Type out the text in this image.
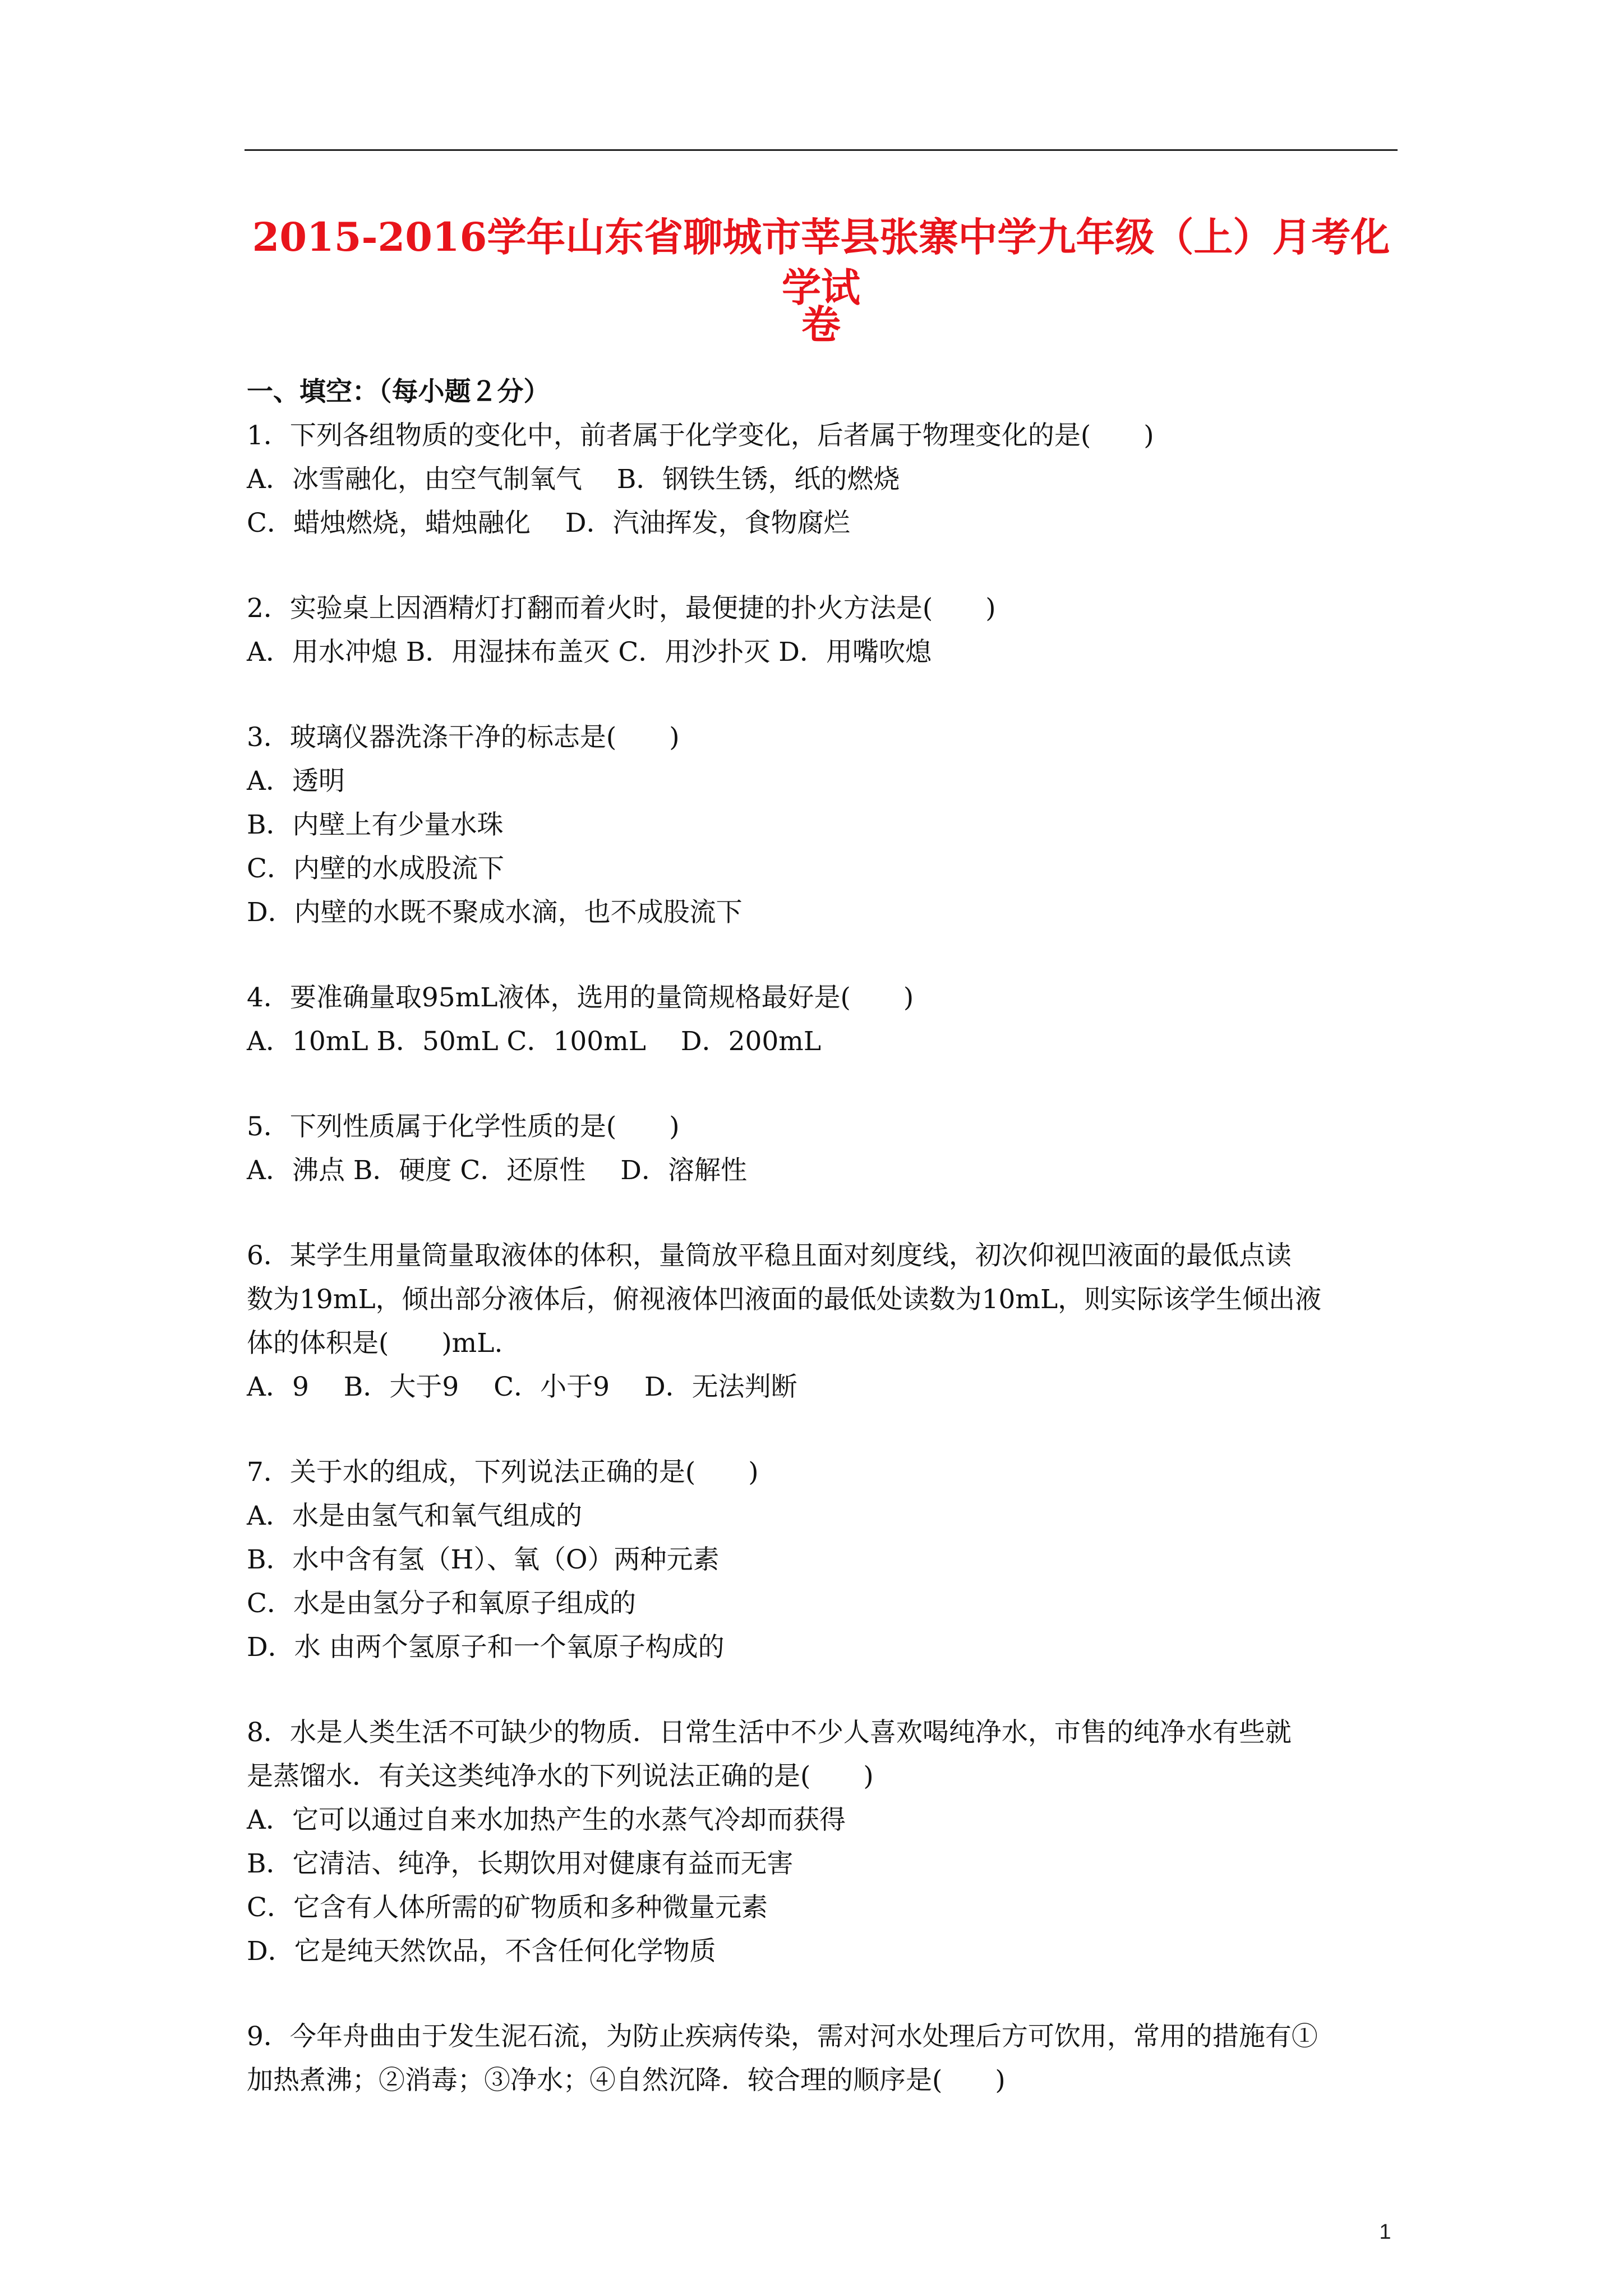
2015-2016学年山东省聊城市莘县张寨中学九年级（上）月考化学试
卷
一、填空：（每小题２分）
1．下列各组物质的变化中，前者属于化学变化，后者属于物理变化的是(　　)
A．冰雪融化，由空气制氧气　 B．钢铁生锈，纸的燃烧
C．蜡烛燃烧，蜡烛融化　 D．汽油挥发，食物腐烂
2．实验桌上因酒精灯打翻而着火时，最便捷的扑火方法是(　　)
A．用水冲熄 B．用湿抹布盖灭 C．用沙扑灭 D．用嘴吹熄
3．玻璃仪器洗涤干净的标志是(　　)
A．透明
B．内壁上有少量水珠
C．内壁的水成股流下
D．内壁的水既不聚成水滴，也不成股流下
4．要准确量取95mL液体，选用的量筒规格最好是(　　)
A．10mL B．50mL C．100mL　 D．200mL
5．下列性质属于化学性质的是(　　)
A．沸点 B．硬度 C．还原性　 D．溶解性
6．某学生用量筒量取液体的体积，量筒放平稳且面对刻度线，初次仰视凹液面的最低点读
数为19mL，倾出部分液体后，俯视液体凹液面的最低处读数为10mL，则实际该学生倾出液
体的体积是(　　)mL.
A．9　 B．大于9　 C．小于9　 D．无法判断
7．关于水的组成，下列说法正确的是(　　)
A．水是由氢气和氧气组成的
B．水中含有氢（H）、氧（O）两种元素
C．水是由氢分子和氧原子组成的
D．水 由两个氢原子和一个氧原子构成的
8．水是人类生活不可缺少的物质．日常生活中不少人喜欢喝纯净水，市售的纯净水有些就
是蒸馏水．有关这类纯净水的下列说法正确的是(　　)
A．它可以通过自来水加热产生的水蒸气冷却而获得
B．它清洁、纯净，长期饮用对健康有益而无害
C．它含有人体所需的矿物质和多种微量元素
D．它是纯天然饮品，不含任何化学物质
9．今年舟曲由于发生泥石流，为防止疾病传染，需对河水处理后方可饮用，常用的措施有①
加热煮沸；②消毒；③净水；④自然沉降．较合理的顺序是(　　)
1
